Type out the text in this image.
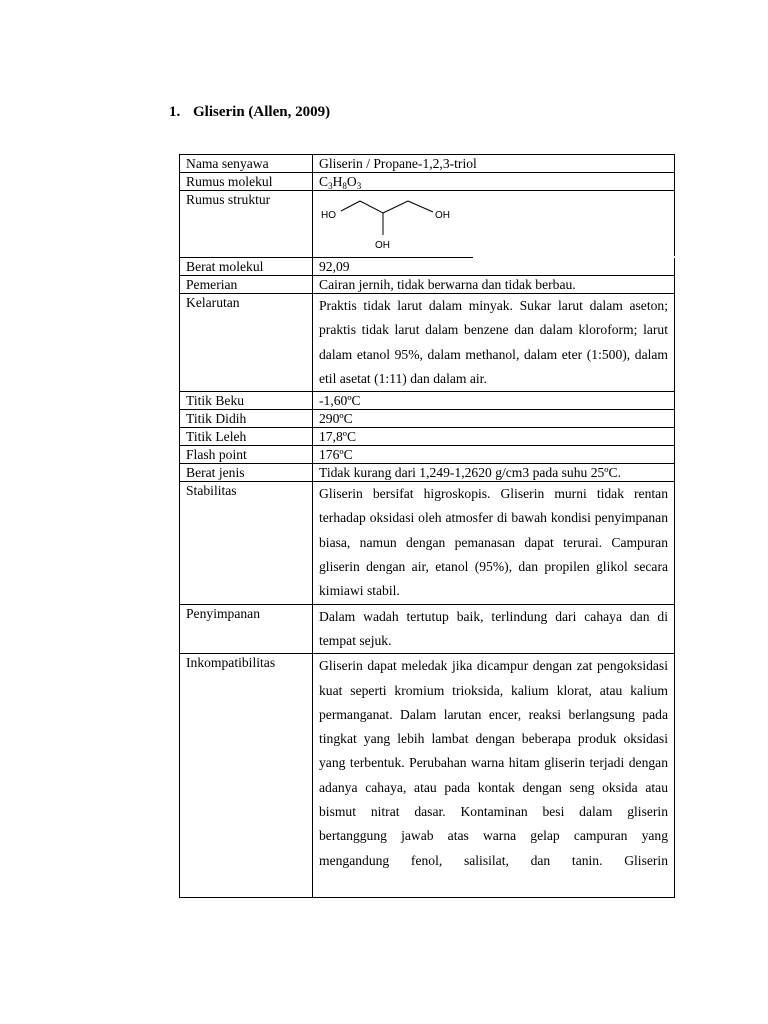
1. Gliserin (Allen, 2009)
Nama senyawa	Gliserin / Propane-1,2,3-triol
Rumus molekul	$C_3H_8O_3$
Rumus struktur	HO OH
OH

Berat molekul	92,09
Pemerian	Cairan jernih, tidak berwarna dan tidak berbau.
Kelarutan	Praktis tidak larut dalam minyak. Sukar larut dalam aseton; praktis tidak larut dalam benzene dan dalam kloroform; larut dalam etanol 95%, dalam methanol, dalam eter (1:500), dalam etil asetat (1:11) dan dalam air.
Titik Beku	-1,60ºC
Titik Didih	290ºC
Titik Leleh	17,8ºC
Flash point	176ºC
Berat jenis	Tidak kurang dari 1,249-1,2620 g/cm3 pada suhu 25ºC.
Stabilitas	Gliserin bersifat higroskopis. Gliserin murni tidak rentan terhadap oksidasi oleh atmosfer di bawah kondisi penyimpanan biasa, namun dengan pemanasan dapat terurai. Campuran gliserin dengan air, etanol (95%), dan propilen glikol secara kimiawi stabil.
Penyimpanan	Dalam wadah tertutup baik, terlindung dari cahaya dan di tempat sejuk.
Inkompatibilitas	Gliserin dapat meledak jika dicampur dengan zat pengoksidasi kuat seperti kromium trioksida, kalium klorat, atau kalium permanganat. Dalam larutan encer, reaksi berlangsung pada tingkat yang lebih lambat dengan beberapa produk oksidasi yang terbentuk. Perubahan warna hitam gliserin terjadi dengan adanya cahaya, atau pada kontak dengan seng oksida atau bismut nitrat dasar. Kontaminan besi dalam gliserin bertanggung jawab atas warna gelap campuran yang mengandung fenol, salisilat, dan tanin. Gliserin
